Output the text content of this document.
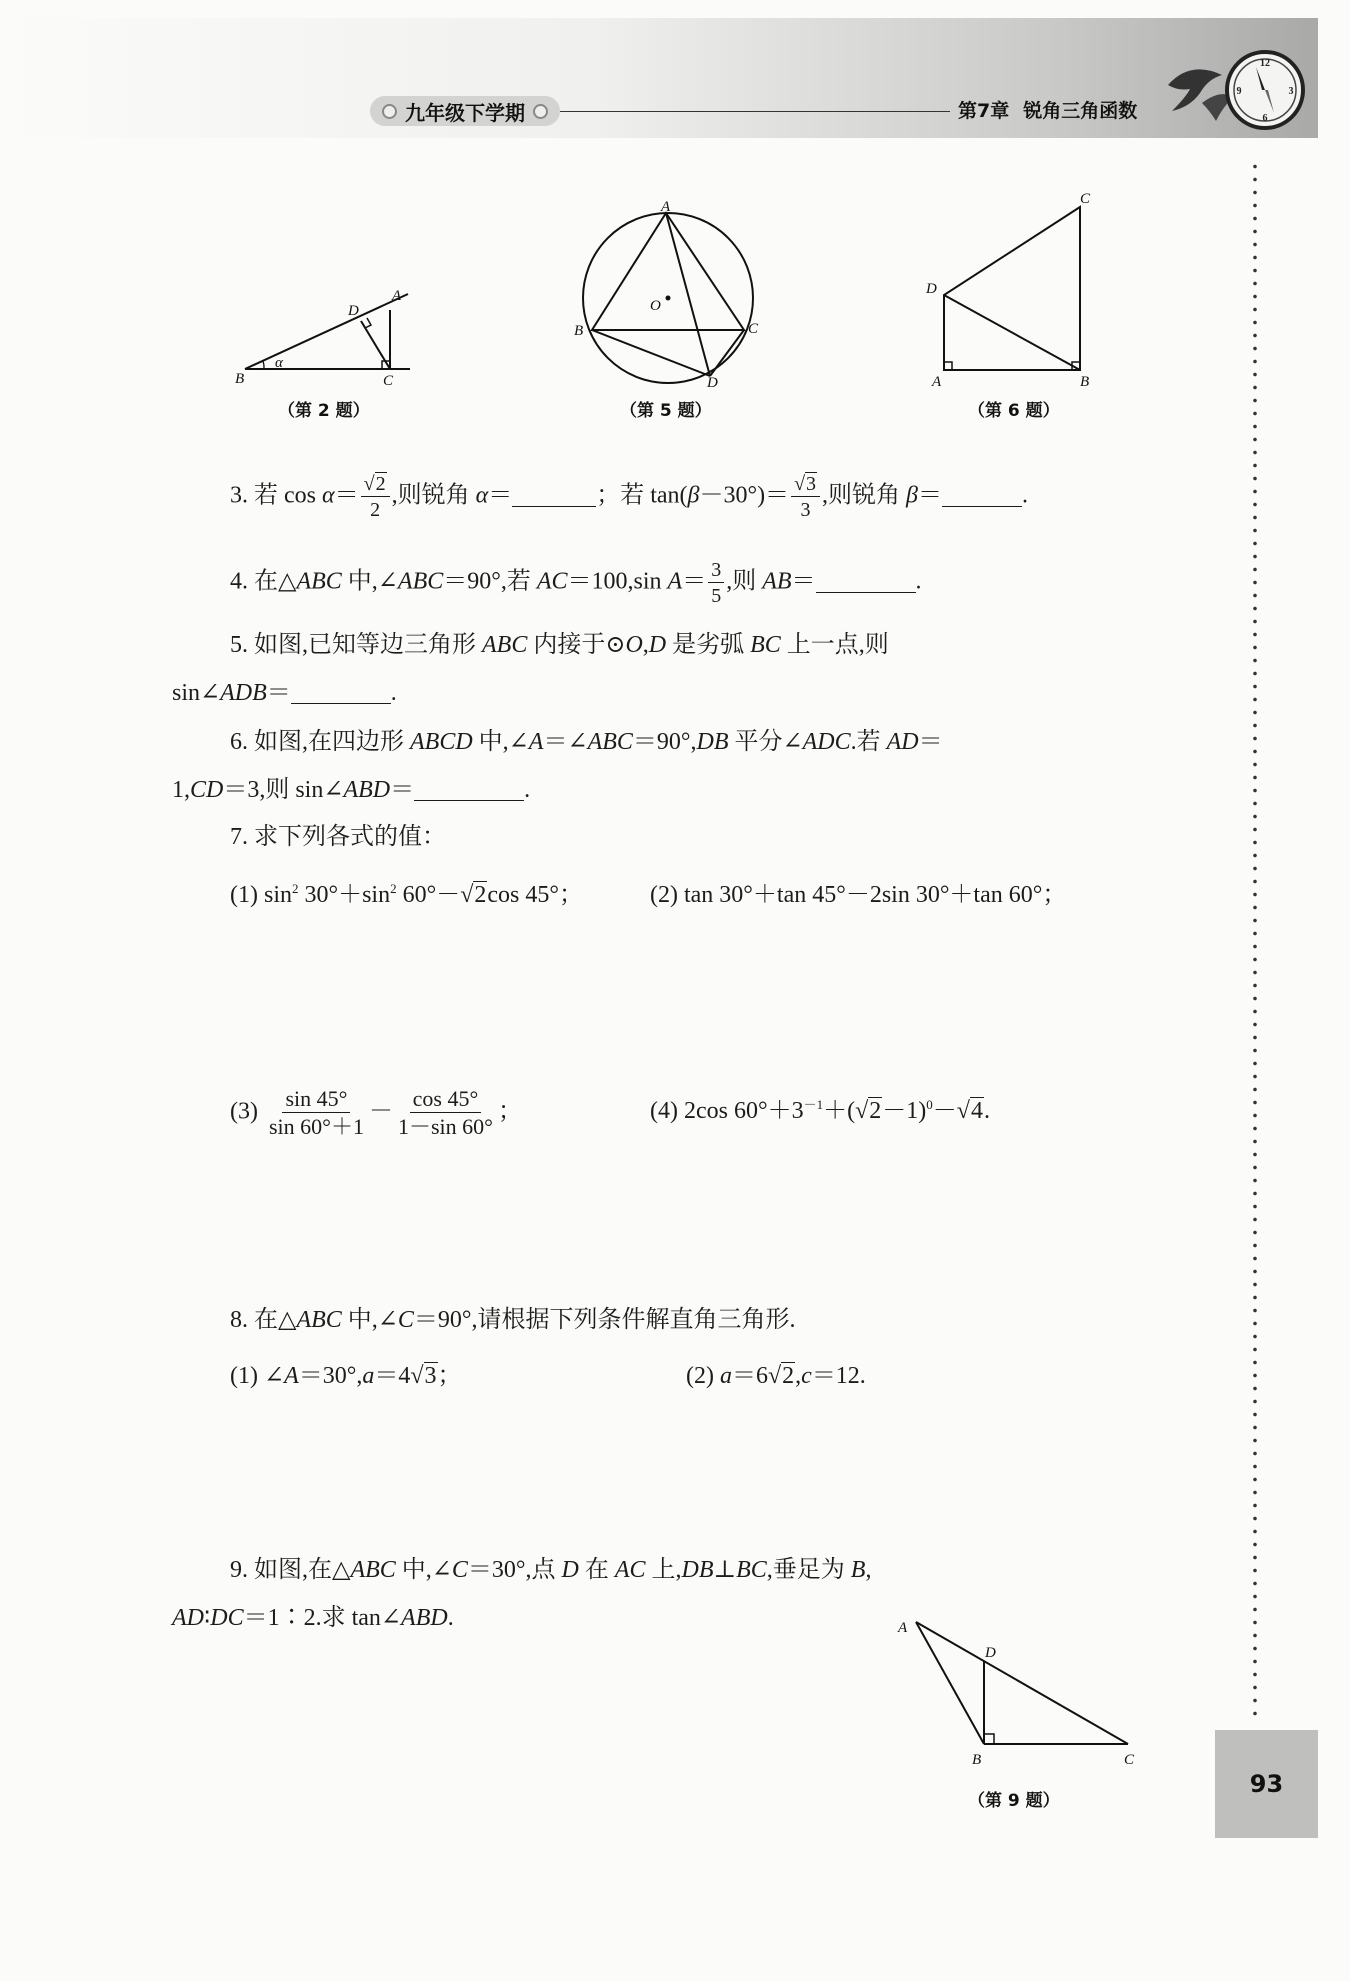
九年级下学期	第7章 锐角三角函数
12
3
6
9
A
D
B	C
α
（第 2 题）
A
B	C
D
O
（第 5 题）
C
D
A	B
（第 6 题）
3. 若 $\cos \alpha= \frac{√2}{2}$ ,则锐角 α＝	；若 $\tan(\beta-30^\circ)= \frac{√3}{3}$ ,则锐角 β＝	.
4. 在△ABC 中,∠ABC＝90°,若 AC＝100,sin $A= \frac{3}{5}$ ,则 AB＝	.
5. 如图,已知等边三角形 ABC 内接于⊙O,D 是劣弧 BC 上一点,则
sin∠ADB＝	.
6. 如图,在四边形 ABCD 中,∠A＝∠ABC＝90°,DB 平分∠ADC.若 AD＝
1,CD＝3,则 sin∠ABD＝	.
7. 求下列各式的值：
(1) $\sin^2 30^\circ+\sin^2$ 60°－√2cos 45°；	(2) tan 30°＋tan 45°－2sin 30°＋tan 60°；
$(3) \frac{\sin 45^\circ}{\sin 60^\circ+1} - \frac{\cos 45^\circ}{1-\sin 60^\circ}$ ；	(4) 2cos $60^\circ+3^{-1}+(√2-1)^0-√4$.
8. 在△ABC 中,∠C＝90°,请根据下列条件解直角三角形.
(1) ∠A＝30°,a＝4√3；	(2) a＝6√2,c＝12.
9. 如图,在△ABC 中,∠C＝30°,点 D 在 AC 上,DB⊥BC,垂足为 B,
AD∶DC＝1∶2.求 tan∠ABD.	A
D
B	C
（第 9 题）
93
